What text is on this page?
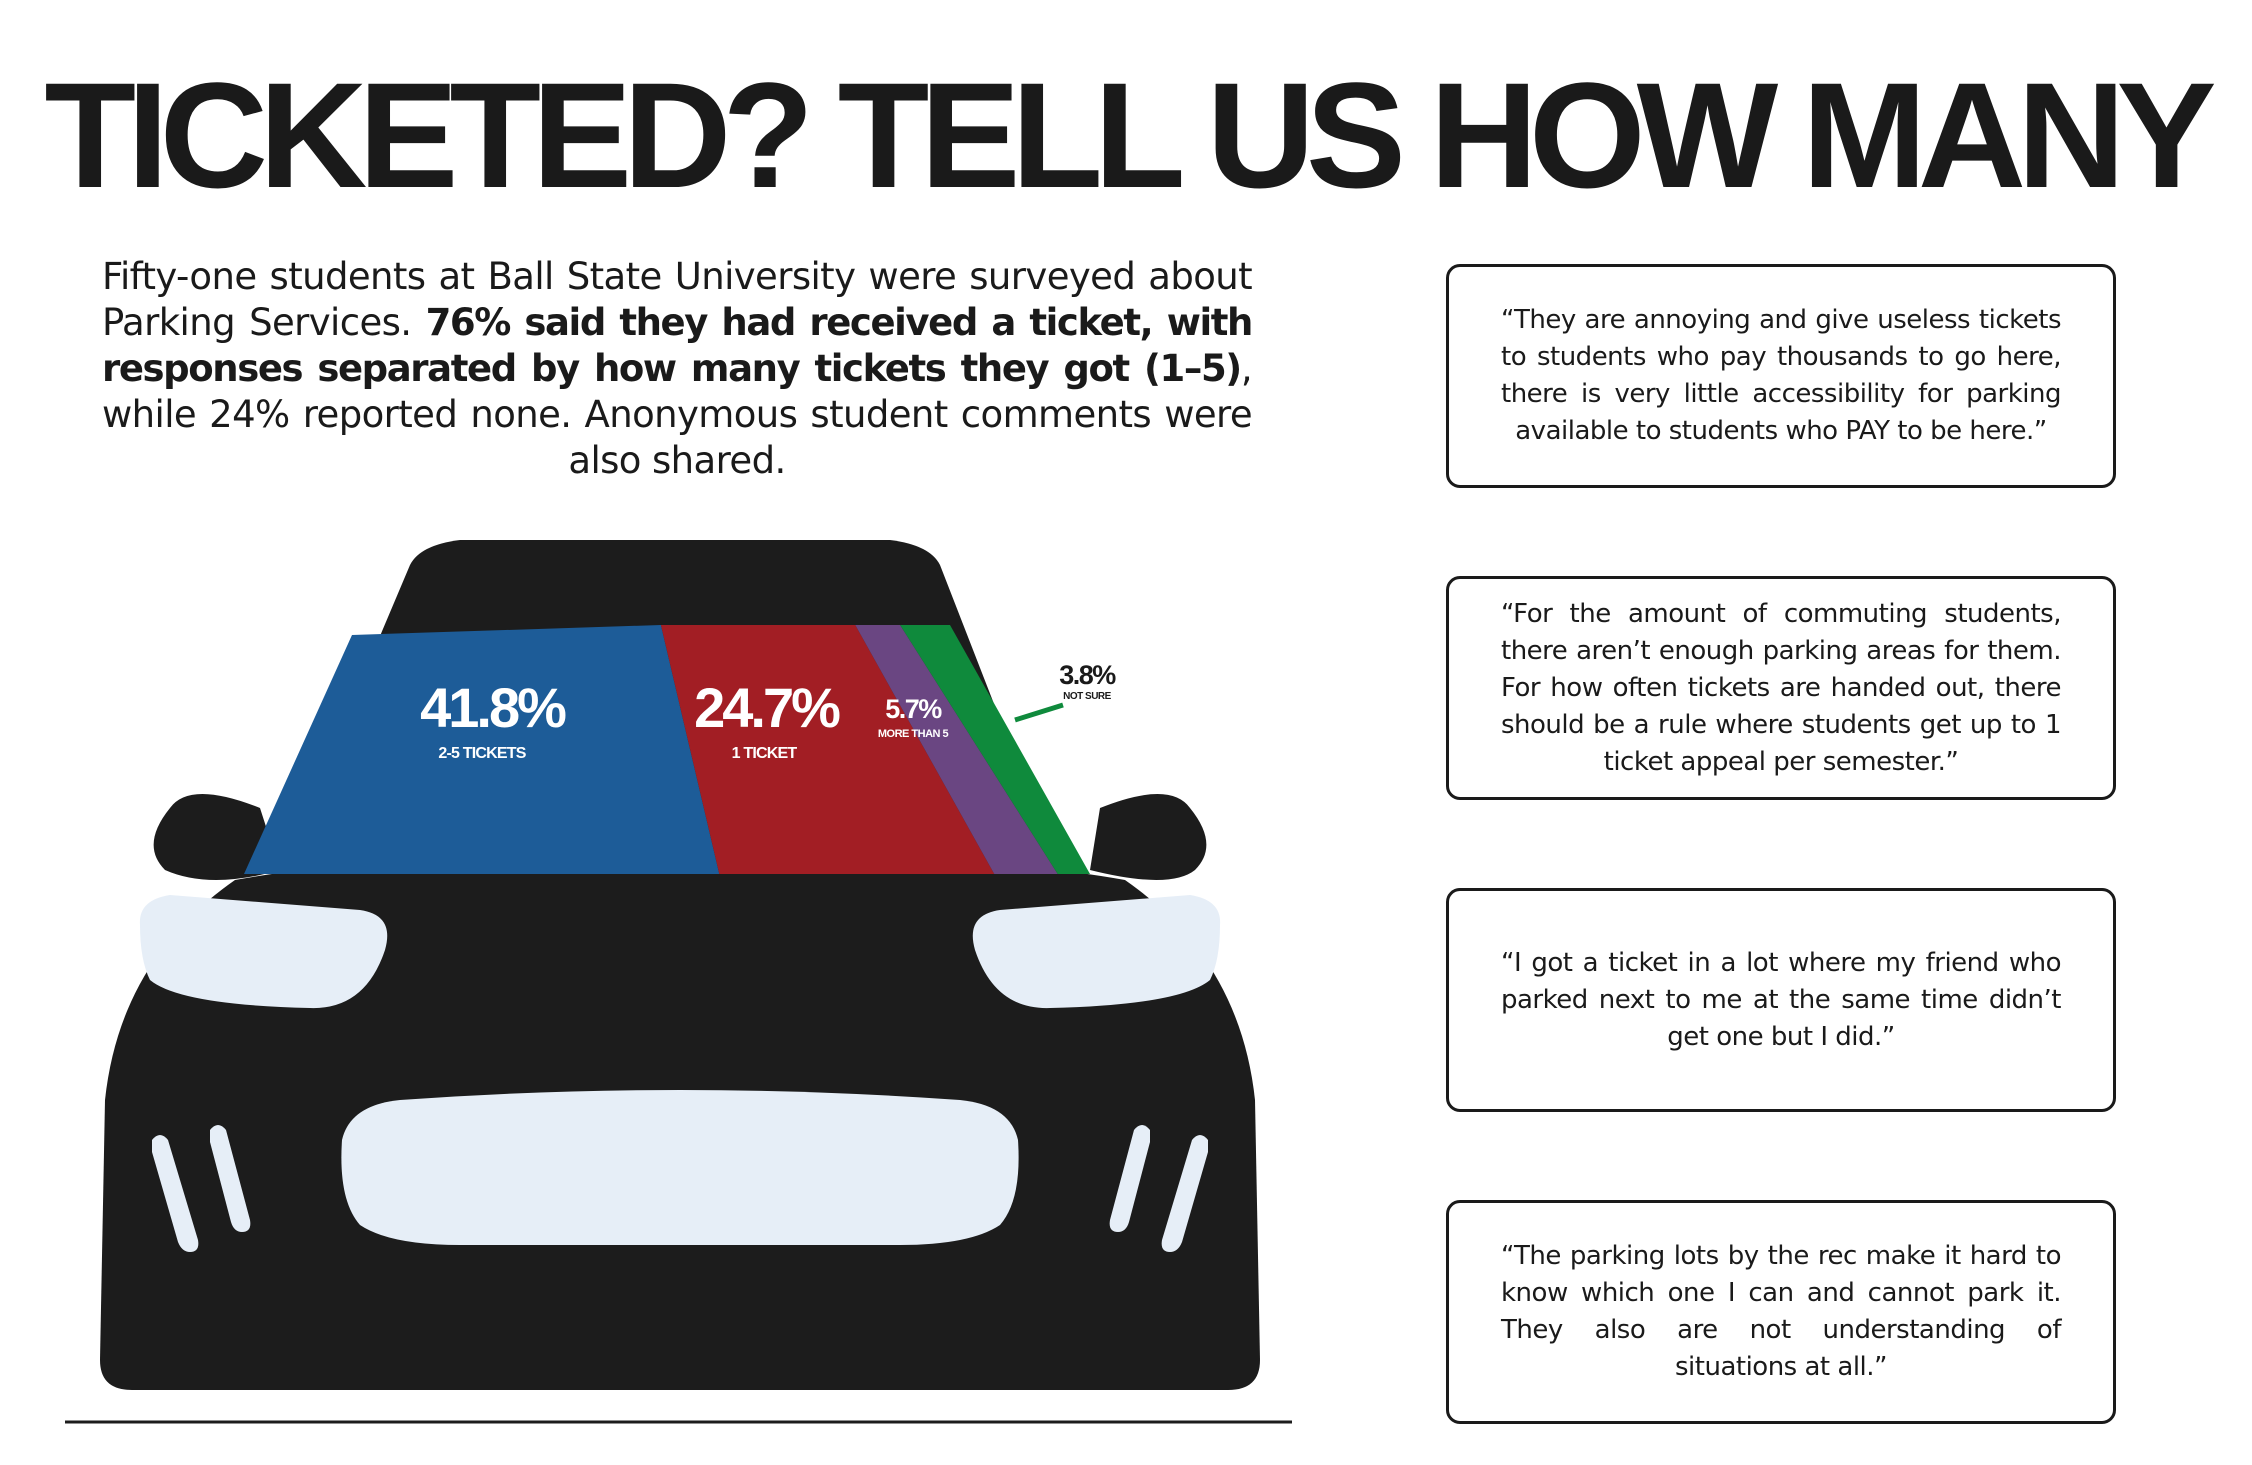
TICKETED? TELL US HOW MANY

Fifty-one students at Ball State University were surveyed about Parking Services. 76% said they had received a ticket, with responses separated by how many tickets they got (1–5), while 24% reported none. Anonymous student comments were also shared.

41.8%
2-5 TICKETS
24.7%
1 TICKET
5.7%
MORE THAN 5
3.8%
NOT SURE

“They are annoying and give useless tickets to students who pay thousands to go here, there is very little accessibility for parking available to students who PAY to be here.”

“For the amount of commuting students, there aren’t enough parking areas for them. For how often tickets are handed out, there should be a rule where students get up to 1 ticket appeal per semester.”

“I got a ticket in a lot where my friend who parked next to me at the same time didn’t get one but I did.”

“The parking lots by the rec make it hard to know which one I can and cannot park it. They also are not understanding of situations at all.”
